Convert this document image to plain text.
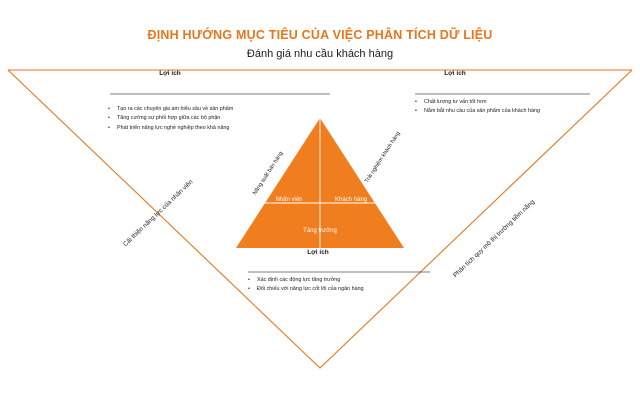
ĐỊNH HƯỚNG MỤC TIÊU CỦA VIỆC PHÂN TÍCH DỮ LIỆU
Đánh giá nhu cầu khách hàng
Lợi ích
•	Tạo ra các chuyên gia am hiểu sâu về sản phẩm
•	Tăng cường sự phối hợp giữa các bộ phận
•	Phát triển năng lực nghề nghiệp theo khả năng
Lợi ích
•	Chất lượng tư vấn tốt hơn
•	Nắm bắt nhu cầu của sản phẩm của khách hàng
Lợi ích
•	Xác định các động lực tăng trưởng
•	Đối chiếu với năng lực cốt lõi của ngân hàng
Cải thiện năng lực của nhân viên	Phân tích quy mô thị trường tiềm năng
Nâng suất bán hàng	Trải nghiệm khách hàng
Nhân viên	Khách hàng
Tăng trưởng
